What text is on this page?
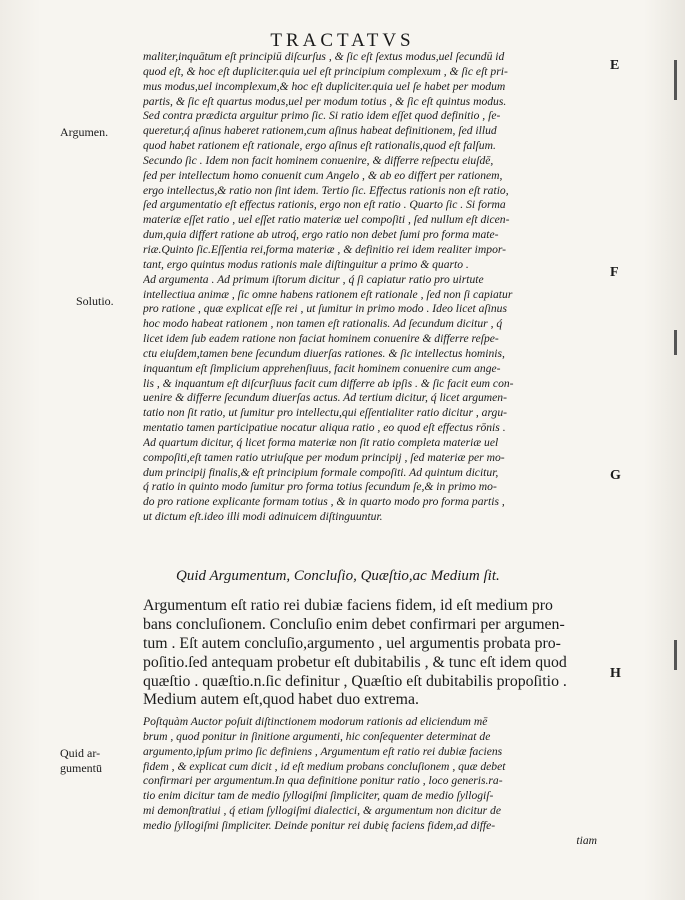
TRACTATVS
Argumen.
Solutio.
Quid ar-
gumentū
E
F
G
H
maliter,inquātum eſt principiū diſcurſus , & ſic eſt ſextus modus,uel ſecundū id
quod eſt, & hoc eſt dupliciter.quia uel eſt principium complexum , & ſic eſt pri-
mus modus,uel incomplexum,& hoc eſt dupliciter.quia uel ſe habet per modum
partis, & ſic eſt quartus modus,uel per modum totius , & ſic eſt quintus modus.
Sed contra prædicta arguitur primo ſic. Si ratio idem eſſet quod definitio , ſe-
queretur,q́ aſinus haberet rationem,cum aſinus habeat definitionem, ſed illud
quod habet rationem eſt rationale, ergo aſinus eſt rationalis,quod eſt falſum.
Secundo ſic . Idem non facit hominem conuenire, & differre reſpectu eiuſdē,
ſed per intellectum homo conuenit cum Angelo , & ab eo differt per rationem,
ergo intellectus,& ratio non ſint idem. Tertio ſic. Effectus rationis non eſt ratio,
ſed argumentatio eſt effectus rationis, ergo non eſt ratio . Quarto ſic . Si forma
materiæ eſſet ratio , uel eſſet ratio materiæ uel compoſiti , ſed nullum eſt dicen-
dum,quia differt ratione ab utroq́, ergo ratio non debet ſumi pro forma mate-
riæ.Quinto ſic.Eſſentia rei,forma materiæ , & definitio rei idem realiter impor-
tant, ergo quintus modus rationis male diſtinguitur a primo & quarto .
Ad argumenta . Ad primum iſtorum dicitur , q́ ſi capiatur ratio pro uirtute
intellectiua animæ , ſic omne habens rationem eſt rationale , ſed non ſi capiatur
pro ratione , quæ explicat eſſe rei , ut ſumitur in primo modo . Ideo licet aſinus
hoc modo habeat rationem , non tamen eſt rationalis. Ad ſecundum dicitur , q́
licet idem ſub eadem ratione non faciat hominem conuenire & differre reſpe-
ctu eiuſdem,tamen bene ſecundum diuerſas rationes. & ſic intellectus hominis,
inquantum eſt ſimplicium apprehenſiuus, facit hominem conuenire cum ange-
lis , & inquantum eſt diſcurſiuus facit cum differre ab ipſis . & ſic facit eum con-
uenire & differre ſecundum diuerſas actus. Ad tertium dicitur, q́ licet argumen-
tatio non ſit ratio, ut ſumitur pro intellectu,qui eſſentialiter ratio dicitur , argu-
mentatio tamen participatiue nocatur aliqua ratio , eo quod eſt effectus rōnis .
Ad quartum dicitur, q́ licet forma materiæ non ſit ratio completa materiæ uel
compoſiti,eſt tamen ratio utriuſque per modum principij , ſed materiæ per mo-
dum principij finalis,& eſt principium formale compoſiti. Ad quintum dicitur,
q́ ratio in quinto modo ſumitur pro forma totius ſecundum ſe,& in primo mo-
do pro ratione explicante formam totius , & in quarto modo pro forma partis ,
ut dictum eſt.ideo illi modi adinuicem diſtinguuntur.
Quid Argumentum, Concluſio, Quæſtio,ac Medium ſit.
Argumentum eſt ratio rei dubiæ faciens fidem, id eſt medium pro
bans concluſionem. Concluſio enim debet confirmari per argumen-
tum . Eſt autem concluſio,argumento , uel argumentis probata pro-
poſitio.ſed antequam probetur eſt dubitabilis , & tunc eſt idem quod
quæſtio . quæſtio.n.ſic definitur , Quæſtio eſt dubitabilis propoſitio .
Medium autem eſt,quod habet duo extrema.
Poſtquàm Auctor poſuit diſtinctionem modorum rationis ad eliciendum mē
brum , quod ponitur in ſinitione argumenti, hic conſequenter determinat de
argumento,ipſum primo ſic definiens , Argumentum eſt ratio rei dubiæ faciens
fidem , & explicat cum dicit , id eſt medium probans concluſionem , quæ debet
confirmari per argumentum.In qua definitione ponitur ratio , loco generis.ra-
tio enim dicitur tam de medio ſyllogiſmi ſimpliciter, quam de medio ſyllogiſ-
mi demonſtratiui , q́ etiam ſyllogiſmi dialectici, & argumentum non dicitur de
medio ſyllogiſmi ſimpliciter. Deinde ponitur rei dubię faciens fidem,ad diffe-
tiam
